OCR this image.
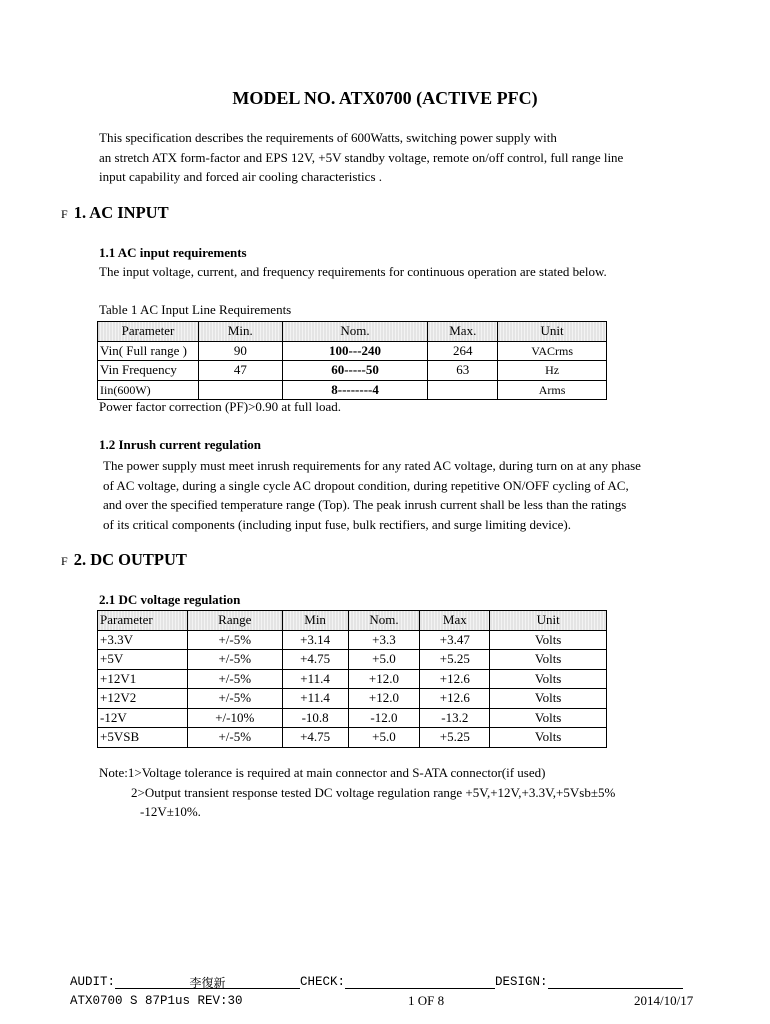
MODEL NO. ATX0700 (ACTIVE PFC)
This specification describes the requirements of 600Watts, switching power supply with
an stretch ATX form-factor and EPS 12V, +5V standby voltage, remote on/off control, full range line
input capability and forced air cooling characteristics .
F 1. AC INPUT
1.1 AC input requirements
The input voltage, current, and frequency requirements for continuous operation are stated below.
Table 1 AC Input Line Requirements
Parameter	Min.	Nom.	Max.	Unit
Vin( Full range )	90	100---240	264	VACrms
Vin Frequency	47	60-----50	63	Hz
Iin(600W)		8--------4		Arms
Power factor correction (PF)>0.90 at full load.
1.2 Inrush current regulation
The power supply must meet inrush requirements for any rated AC voltage, during turn on at any phase
of AC voltage, during a single cycle AC dropout condition, during repetitive ON/OFF cycling of AC,
and over the specified temperature range (Top). The peak inrush current shall be less than the ratings
of its critical components (including input fuse, bulk rectifiers, and surge limiting device).
F 2. DC OUTPUT
2.1 DC voltage regulation
Parameter	Range	Min	Nom.	Max	Unit
+3.3V	+/-5%	+3.14	+3.3	+3.47	Volts
+5V	+/-5%	+4.75	+5.0	+5.25	Volts
+12V1	+/-5%	+11.4	+12.0	+12.6	Volts
+12V2	+/-5%	+11.4	+12.0	+12.6	Volts
-12V	+/-10%	-10.8	-12.0	-13.2	Volts
+5VSB	+/-5%	+4.75	+5.0	+5.25	Volts
Note:1>Voltage tolerance is required at main connector and S-ATA connector(if used)
2>Output transient response tested DC voltage regulation range +5V,+12V,+3.3V,+5Vsb±5%
-12V±10%.
AUDIT:	李復新	CHECK:	DESIGN:
ATX0700 S 87P1us REV:30	1 OF 8	2014/10/17
